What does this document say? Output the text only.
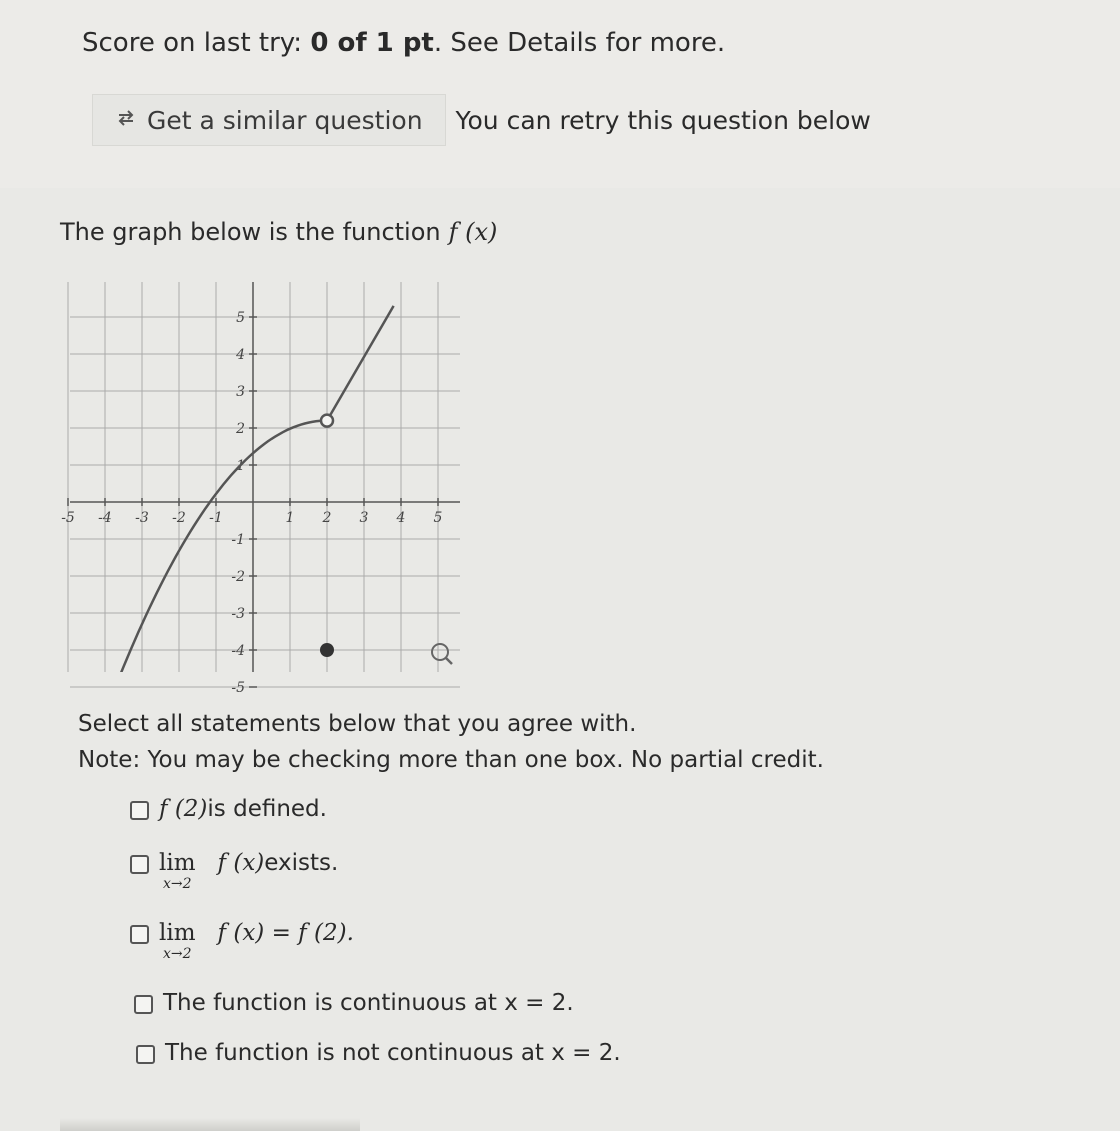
Score on last try: 0 of 1 pt. See Details for more.
Get a similar question You can retry this question below
The graph below is the function f (x)
-5 -4 -3 -2 -1	1 2 3 4 5
5
4
3
2
1
-1
-2
-3
-4
-5
Select all statements below that you agree with.
Note: You may be checking more than one box. No partial credit.
f (2) is defined.
lim
x→2
f (x) exists.
lim
x→2
f (x) = f (2).
The function is continuous at x = 2.
The function is not continuous at x = 2.
